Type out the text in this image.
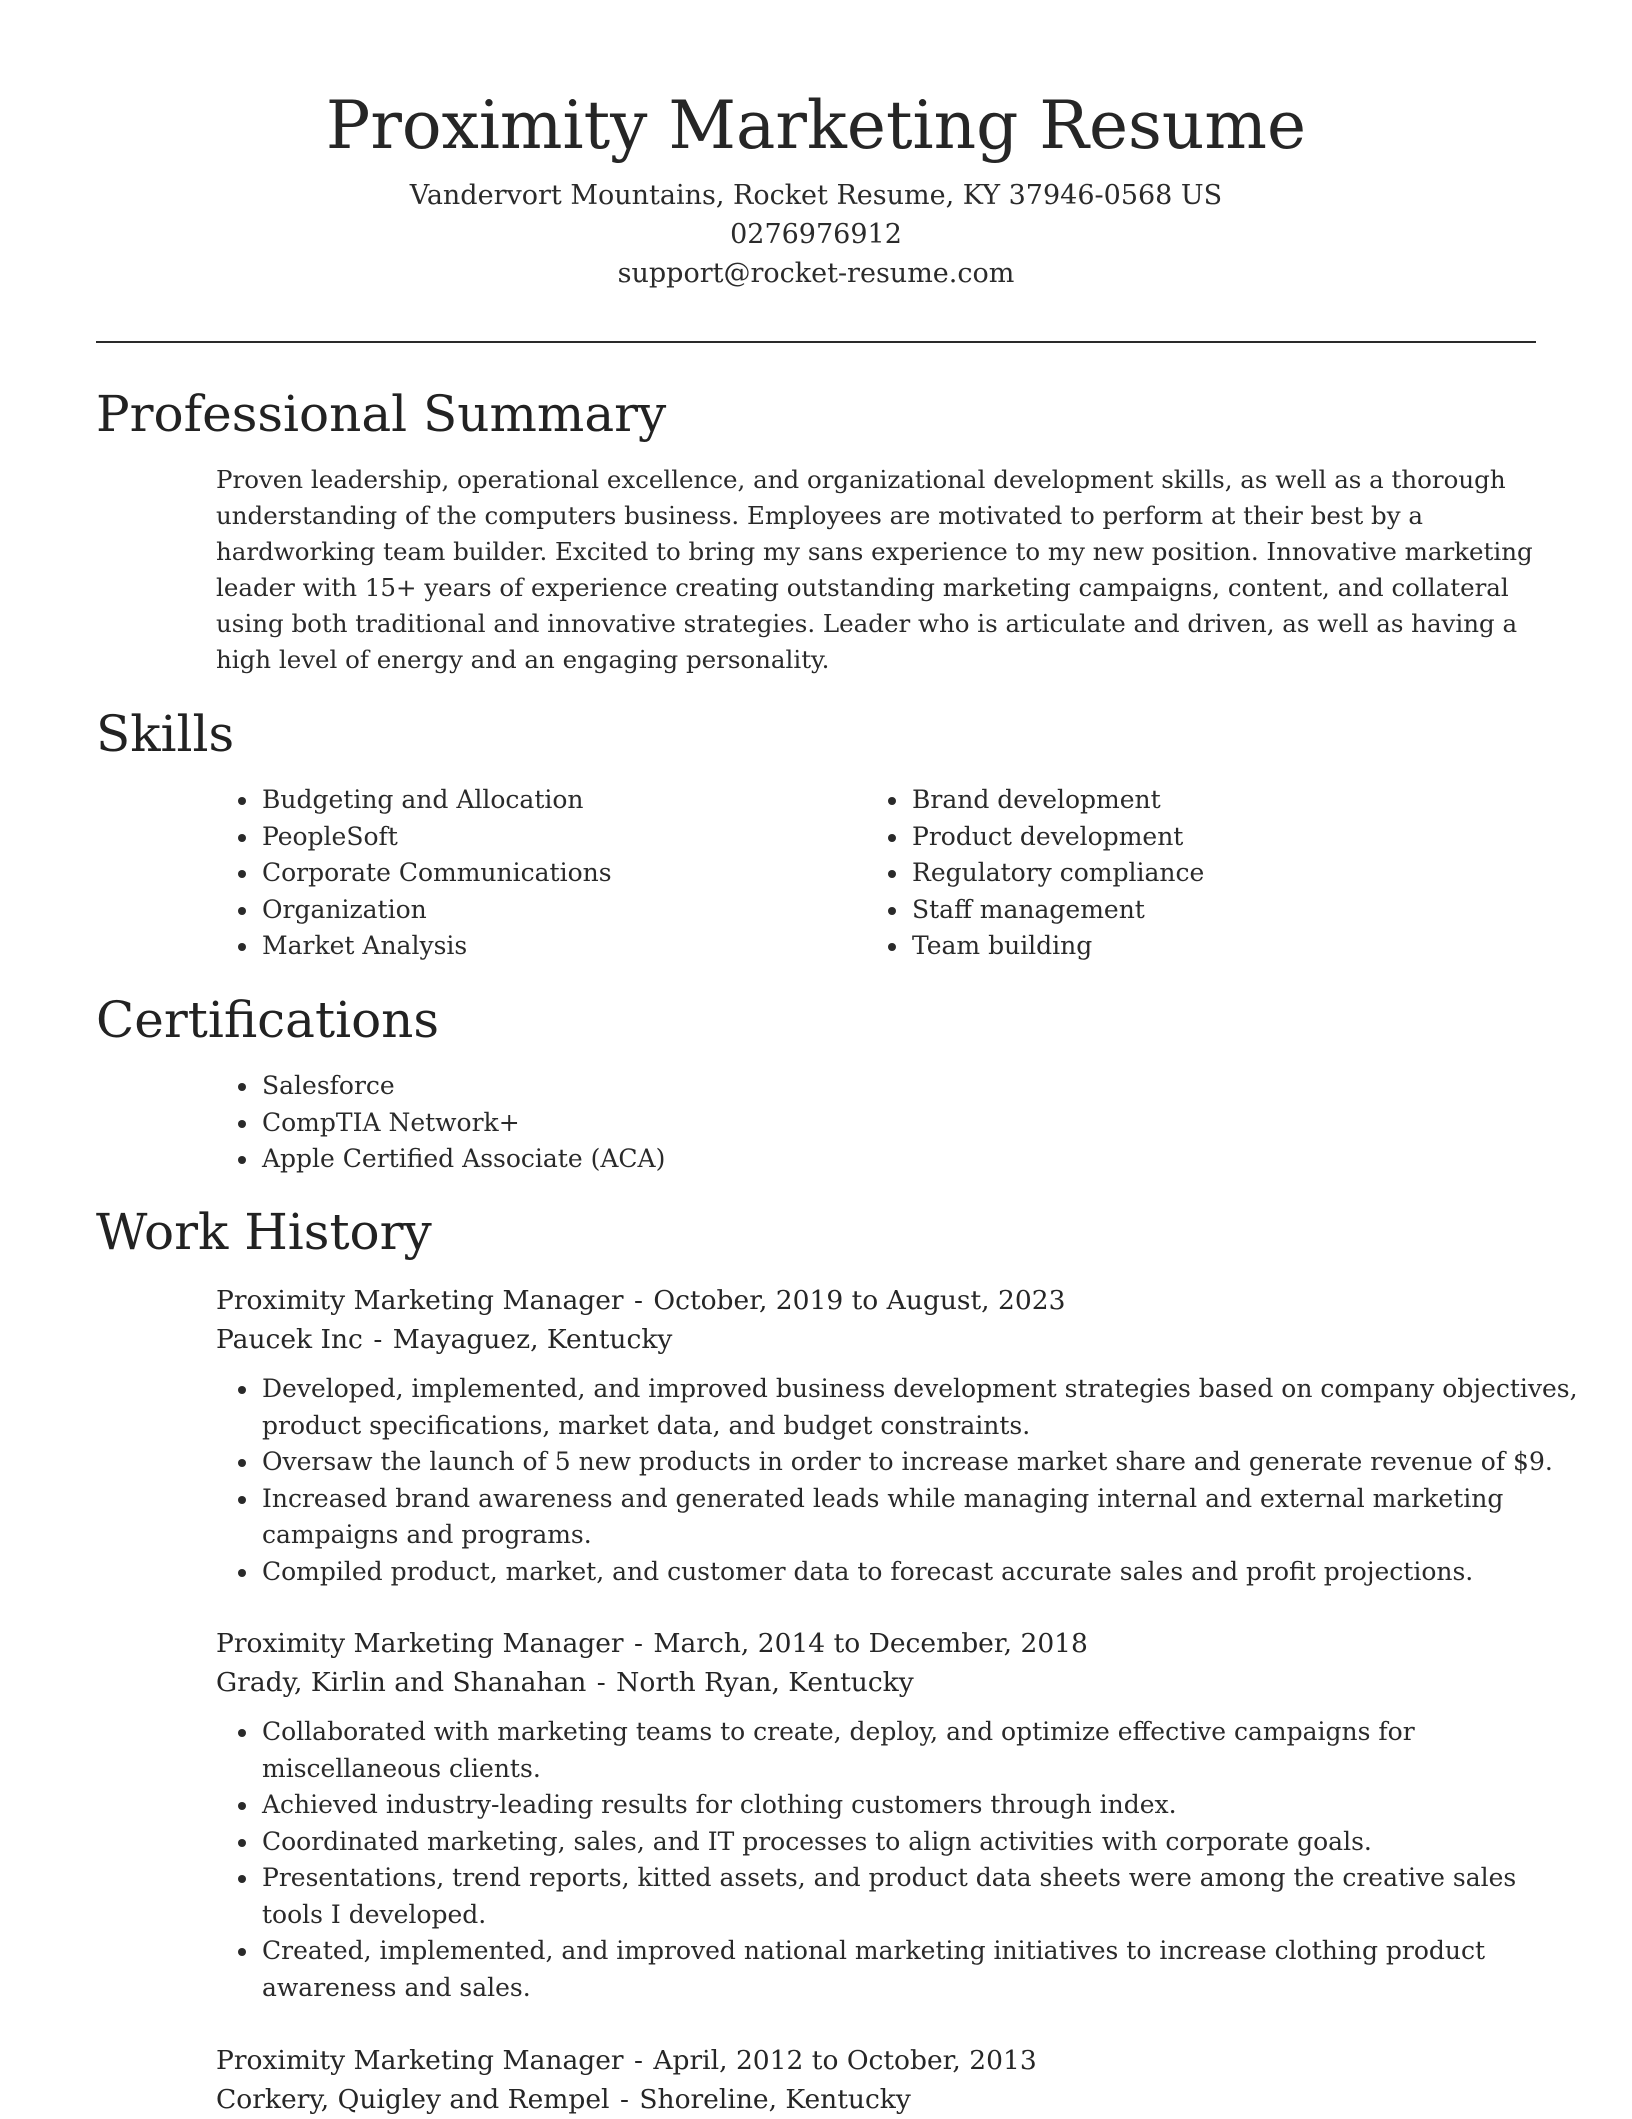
Proximity Marketing Resume
Vandervort Mountains, Rocket Resume, KY 37946-0568 US
0276976912
support@rocket-resume.com
Professional Summary

Proven leadership, operational excellence, and organizational development skills, as well as a thorough understanding of the computers business. Employees are motivated to perform at their best by a hardworking team builder. Excited to bring my sans experience to my new position. Innovative marketing leader with 15+ years of experience creating outstanding marketing campaigns, content, and collateral using both traditional and innovative strategies. Leader who is articulate and driven, as well as having a high level of energy and an engaging personality.

Skills
• Budgeting and Allocation
• PeopleSoft
• Corporate Communications
• Organization
• Market Analysis
• Brand development
• Product development
• Regulatory compliance
• Staff management
• Team building
Certifications
• Salesforce
• CompTIA Network+
• Apple Certified Associate (ACA)
Work History
Proximity Marketing Manager - October, 2019 to August, 2023
Paucek Inc - Mayaguez, Kentucky
• Developed, implemented, and improved business development strategies based on company objectives, product specifications, market data, and budget constraints.
• Oversaw the launch of 5 new products in order to increase market share and generate revenue of $9.
• Increased brand awareness and generated leads while managing internal and external marketing campaigns and programs.
• Compiled product, market, and customer data to forecast accurate sales and profit projections.
Proximity Marketing Manager - March, 2014 to December, 2018
Grady, Kirlin and Shanahan - North Ryan, Kentucky
• Collaborated with marketing teams to create, deploy, and optimize effective campaigns for miscellaneous clients.
• Achieved industry-leading results for clothing customers through index.
• Coordinated marketing, sales, and IT processes to align activities with corporate goals.
• Presentations, trend reports, kitted assets, and product data sheets were among the creative sales tools I developed.
• Created, implemented, and improved national marketing initiatives to increase clothing product awareness and sales.
Proximity Marketing Manager - April, 2012 to October, 2013
Corkery, Quigley and Rempel - Shoreline, Kentucky
